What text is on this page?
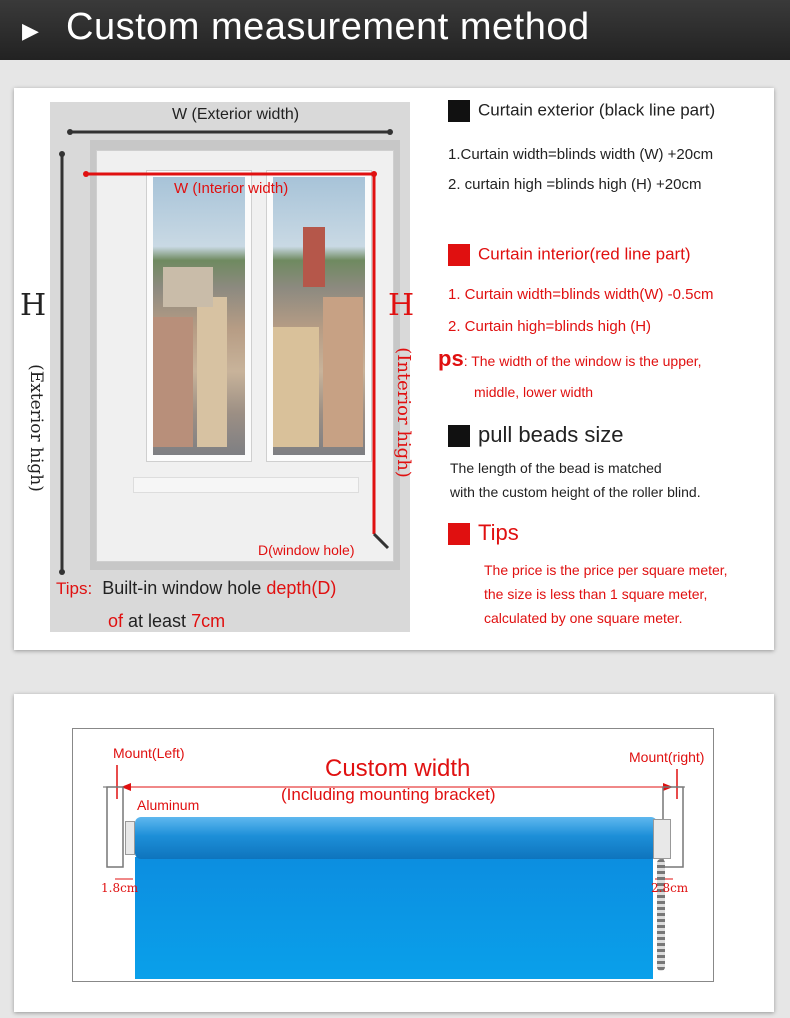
▶ Custom measurement method
W (Exterior width)
W (Interior width)
H
(Exterior high)
H
(Interior high)
D(window hole)
Tips: Built-in window hole depth(D)
of at least 7cm
Curtain exterior (black line part)
1.Curtain width=blinds width (W) +20cm
2. curtain high =blinds high (H) +20cm
Curtain interior(red line part)
1. Curtain width=blinds width(W) -0.5cm
2. Curtain high=blinds high (H)
ps: The width of the window is the upper,
middle, lower width
pull beads size
The length of the bead is matched
with the custom height of the roller blind.
Tips
The price is the price per square meter,
the size is less than 1 square meter,
calculated by one square meter.
Mount(Left)	Mount(right)
Custom width
(Including mounting bracket)
Aluminum
1.8cm	2.8cm
